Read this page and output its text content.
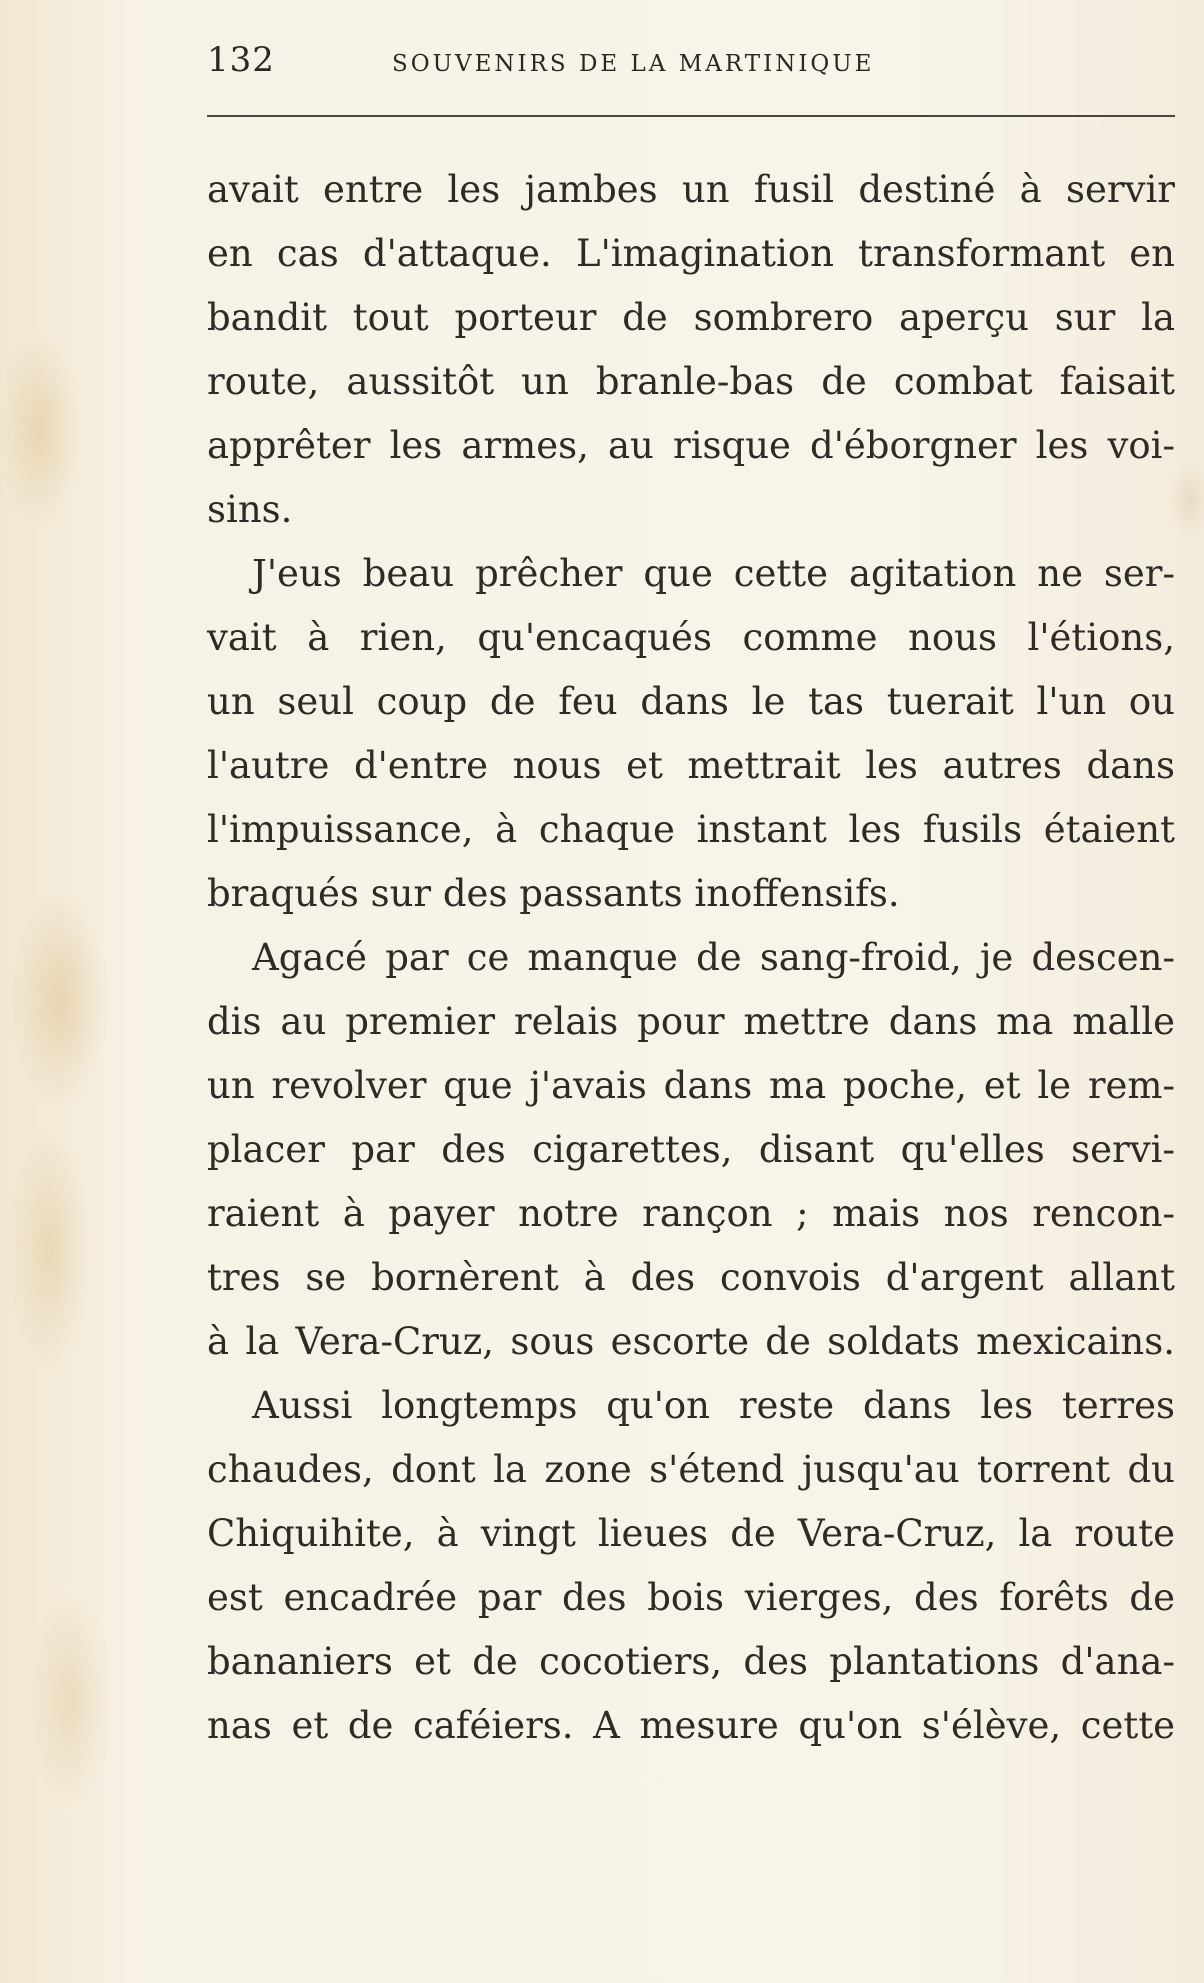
132	SOUVENIRS DE LA MARTINIQUE
avait entre les jambes un fusil destiné à servir
en cas d'attaque. L'imagination transformant en
bandit tout porteur de sombrero aperçu sur la
route, aussitôt un branle-bas de combat faisait
apprêter les armes, au risque d'éborgner les voi-
sins.
J'eus beau prêcher que cette agitation ne ser-
vait à rien, qu'encaqués comme nous l'étions,
un seul coup de feu dans le tas tuerait l'un ou
l'autre d'entre nous et mettrait les autres dans
l'impuissance, à chaque instant les fusils étaient
braqués sur des passants inoffensifs.
Agacé par ce manque de sang-froid, je descen-
dis au premier relais pour mettre dans ma malle
un revolver que j'avais dans ma poche, et le rem-
placer par des cigarettes, disant qu'elles servi-
raient à payer notre rançon ; mais nos rencon-
tres se bornèrent à des convois d'argent allant
à la Vera-Cruz, sous escorte de soldats mexicains.
Aussi longtemps qu'on reste dans les terres
chaudes, dont la zone s'étend jusqu'au torrent du
Chiquihite, à vingt lieues de Vera-Cruz, la route
est encadrée par des bois vierges, des forêts de
bananiers et de cocotiers, des plantations d'ana-
nas et de caféiers. A mesure qu'on s'élève, cette
